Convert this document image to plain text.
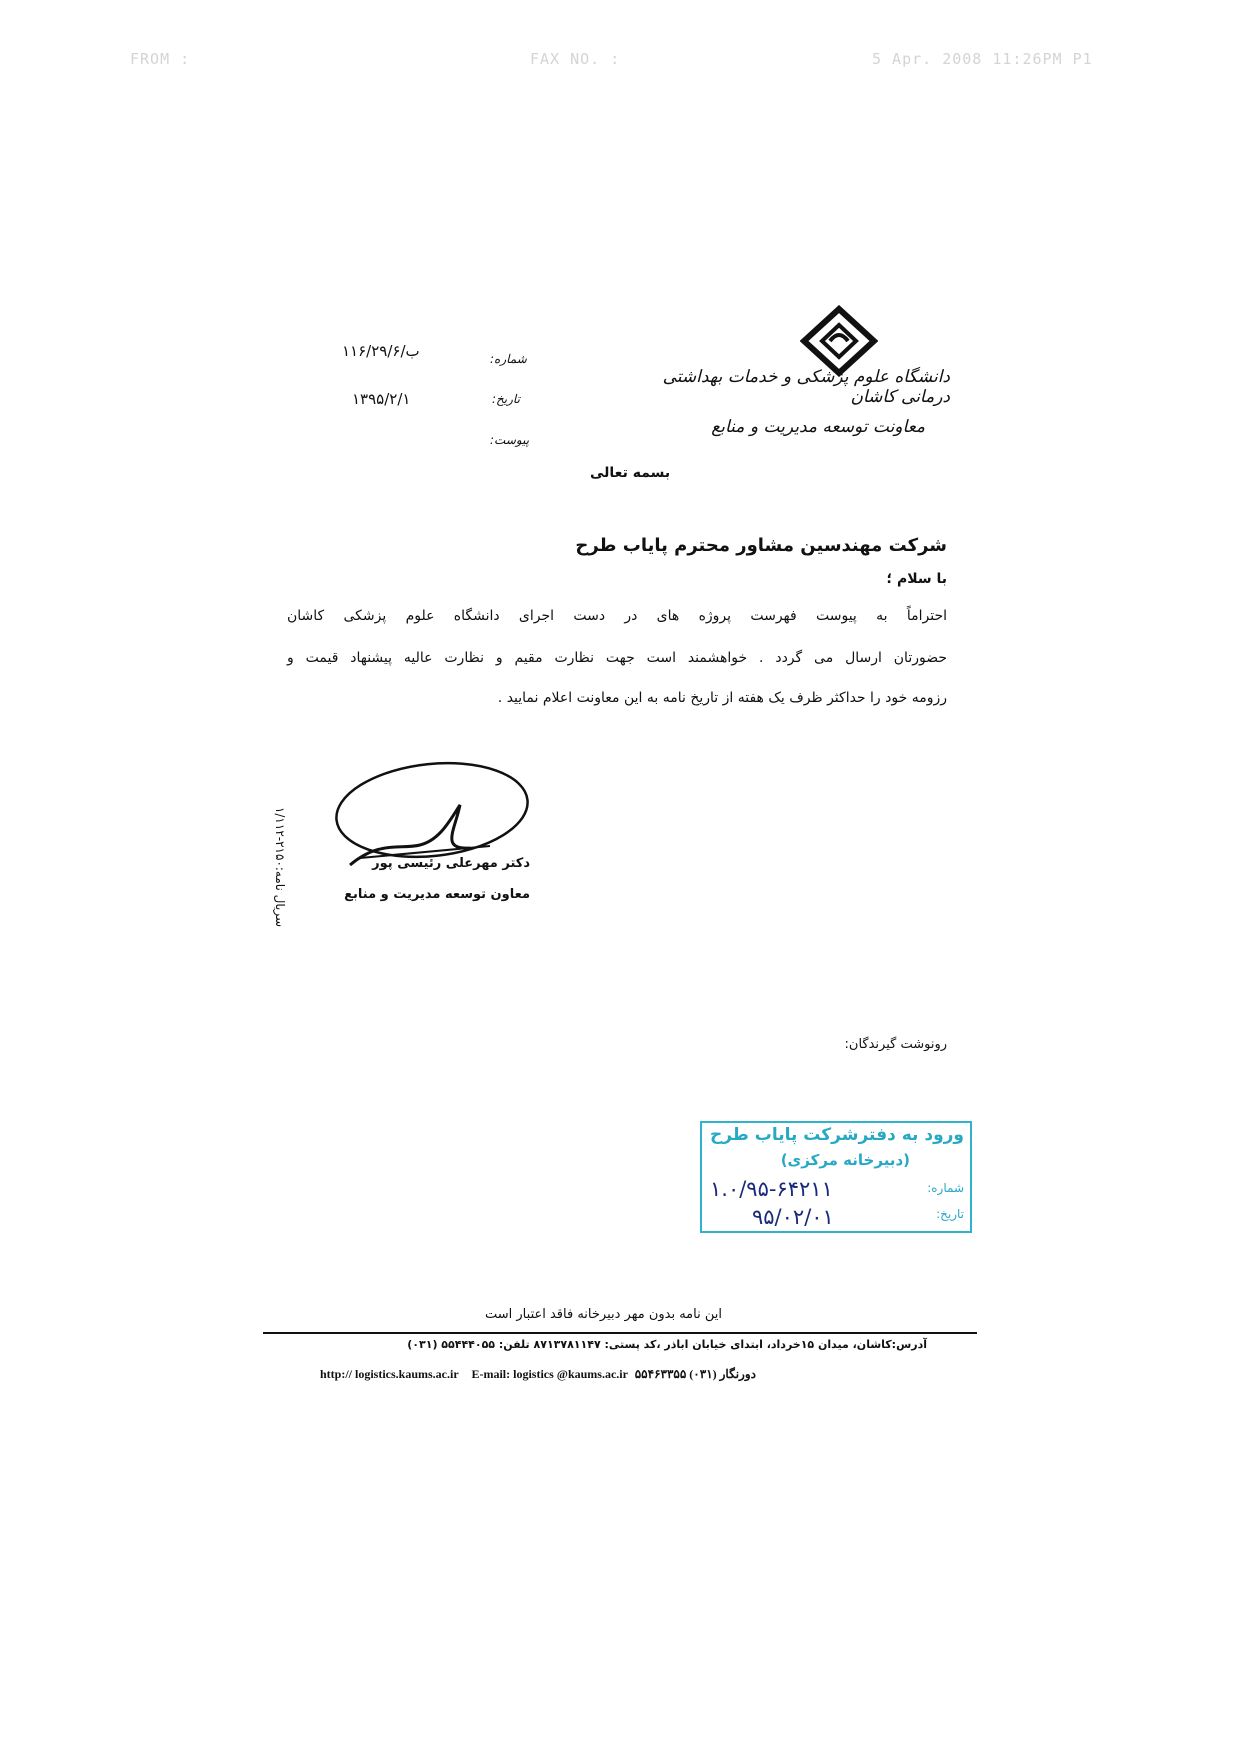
FROM :	FAX NO. :	5 Apr. 2008 11:26PM P1
دانشگاه علوم پزشکی و خدمات بهداشتی درمانی کاشان
معاونت توسعه مدیریت و منابع
شماره:
۱۱۶/۲۹/۶/ب
تاریخ:
۱۳۹۵/۲/۱
پیوست:
بسمه تعالی
شرکت مهندسین مشاور محترم پایاب طرح
با سلام ؛
احتراماً به پیوست فهرست پروژه های در دست اجرای دانشگاه علوم پزشکی کاشان
حضورتان ارسال می گردد . خواهشمند است جهت نظارت مقیم و نظارت عالیه پیشنهاد قیمت و
رزومه خود را حداکثر ظرف یک هفته از تاریخ نامه به این معاونت اعلام نمایید .
دکتر مهرعلی رئیسی پور
معاون توسعه مدیریت و منابع
سریال نامه:۲۱۵۰-۱/۱۱۲
رونوشت گیرندگان:
ورود به دفترشرکت پایاب طرح
(دبیرخانه مرکزی)
شماره:
۱.۰/۹۵-۶۴۲۱۱
تاریخ:
۹۵/۰۲/۰۱
این نامه بدون مهر دبیرخانه فاقد اعتبار است
آدرس:کاشان، میدان ۱۵خرداد، ابتدای خیابان اباذر ،کد پستی: ۸۷۱۳۷۸۱۱۴۷ تلفن: ۵۵۴۴۴۰۵۵ (۰۳۱)
http:// logistics.kaums.ac.ir E-mail: logistics @kaums.ac.ir دورنگار (۰۳۱) ۵۵۴۶۳۳۵۵
